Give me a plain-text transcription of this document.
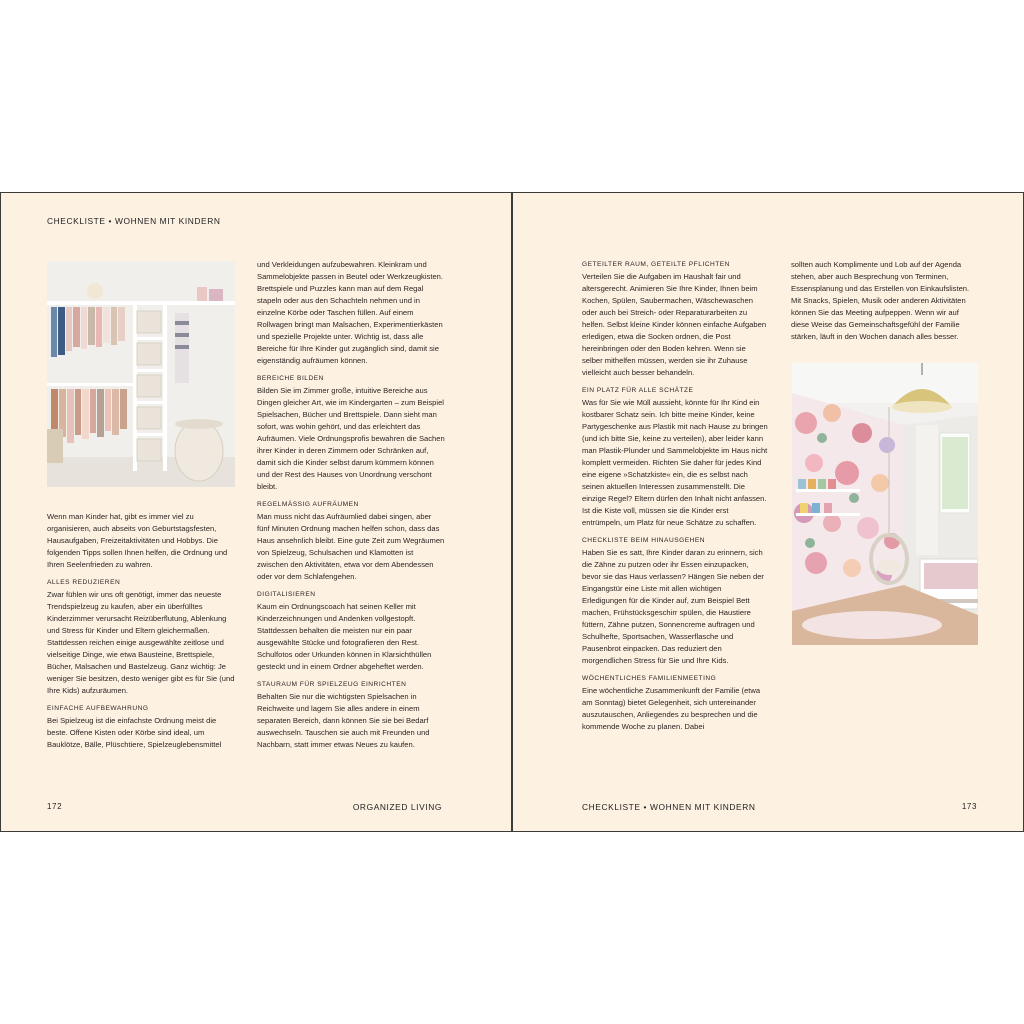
CHECKLISTE • WOHNEN MIT KINDERN

Wenn man Kinder hat, gibt es immer viel zu organisieren, auch abseits von Geburtstagsfesten, Hausaufgaben, Freizeitaktivitäten und Hobbys. Die folgenden Tipps sollen Ihnen helfen, die Ordnung und Ihren Seelenfrieden zu wahren.

ALLES REDUZIEREN

Zwar fühlen wir uns oft genötigt, immer das neueste Trendspielzeug zu kaufen, aber ein überfülltes Kinderzimmer verursacht Reizüberflutung, Ablenkung und Stress für Kinder und Eltern gleichermaßen. Stattdessen reichen einige ausgewählte zeitlose und vielseitige Dinge, wie etwa Bausteine, Brettspiele, Bücher, Malsachen und Bastelzeug. Ganz wichtig: Je weniger Sie besitzen, desto weniger gibt es für Sie (und Ihre Kids) aufzuräumen.

EINFACHE AUFBEWAHRUNG

Bei Spielzeug ist die einfachste Ordnung meist die beste. Offene Kisten oder Körbe sind ideal, um Bauklötze, Bälle, Plüschtiere, Spielzeuglebensmittel

und Verkleidungen aufzubewahren. Kleinkram und Sammelobjekte passen in Beutel oder Werkzeugkisten. Brettspiele und Puzzles kann man auf dem Regal stapeln oder aus den Schachteln nehmen und in einzelne Körbe oder Taschen füllen. Auf einem Rollwagen bringt man Malsachen, Experimentierkästen und spezielle Projekte unter. Wichtig ist, dass alle Bereiche für Ihre Kinder gut zugänglich sind, damit sie eigenständig aufräumen können.

BEREICHE BILDEN

Bilden Sie im Zimmer große, intuitive Bereiche aus Dingen gleicher Art, wie im Kindergarten – zum Beispiel Spielsachen, Bücher und Brettspiele. Dann sieht man sofort, was wohin gehört, und das erleichtert das Aufräumen. Viele Ordnungsprofis bewahren die Sachen ihrer Kinder in deren Zimmern oder Schränken auf, damit sich die Kinder selbst darum kümmern können und der Rest des Hauses von Unordnung verschont bleibt.

REGELMÄSSIG AUFRÄUMEN

Man muss nicht das Aufräumlied dabei singen, aber fünf Minuten Ordnung machen helfen schon, dass das Haus ansehnlich bleibt. Eine gute Zeit zum Wegräumen von Spielzeug, Schulsachen und Klamotten ist zwischen den Aktivitäten, etwa vor dem Abendessen oder vor dem Schlafengehen.

DIGITALISIEREN

Kaum ein Ordnungscoach hat seinen Keller mit Kinderzeichnungen und Andenken vollgestopft. Stattdessen behalten die meisten nur ein paar ausgewählte Stücke und fotografieren den Rest. Schulfotos oder Urkunden können in Klarsichthüllen gesteckt und in einem Ordner abgeheftet werden.

STAURAUM FÜR SPIELZEUG EINRICHTEN

Behalten Sie nur die wichtigsten Spielsachen in Reichweite und lagern Sie alles andere in einem separaten Bereich, dann können Sie sie bei Bedarf auswechseln. Tauschen sie auch mit Freunden und Nachbarn, statt immer etwas Neues zu kaufen.

172	ORGANIZED LIVING
GETEILTER RAUM, GETEILTE PFLICHTEN

Verteilen Sie die Aufgaben im Haushalt fair und altersgerecht. Animieren Sie Ihre Kinder, Ihnen beim Kochen, Spülen, Saubermachen, Wäschewaschen oder auch bei Streich- oder Reparaturarbeiten zu helfen. Selbst kleine Kinder können einfache Aufgaben erledigen, etwa die Socken ordnen, die Post hereinbringen oder den Boden kehren. Wenn sie selber mithelfen müssen, werden sie ihr Zuhause vielleicht auch besser behandeln.

EIN PLATZ FÜR ALLE SCHÄTZE

Was für Sie wie Müll aussieht, könnte für Ihr Kind ein kostbarer Schatz sein. Ich bitte meine Kinder, keine Partygeschenke aus Plastik mit nach Hause zu bringen (und ich bitte Sie, keine zu verteilen), aber leider kann man Plastik-Plunder und Sammelobjekte im Haus nicht komplett vermeiden. Richten Sie daher für jedes Kind eine eigene »Schatzkiste« ein, die es selbst nach seinen aktuellen Interessen zusammenstellt. Die einzige Regel? Eltern dürfen den Inhalt nicht anfassen. Ist die Kiste voll, müssen sie die Kinder erst entrümpeln, um Platz für neue Schätze zu schaffen.

CHECKLISTE BEIM HINAUSGEHEN

Haben Sie es satt, Ihre Kinder daran zu erinnern, sich die Zähne zu putzen oder ihr Essen einzupacken, bevor sie das Haus verlassen? Hängen Sie neben der Eingangstür eine Liste mit allen wichtigen Erledigungen für die Kinder auf, zum Beispiel Bett machen, Frühstücksgeschirr spülen, die Haustiere füttern, Zähne putzen, Sonnencreme auftragen und Schulhefte, Sportsachen, Wasserflasche und Pausenbrot einpacken. Das reduziert den morgendlichen Stress für Sie und Ihre Kids.

WÖCHENTLICHES FAMILIENMEETING

Eine wöchentliche Zusammenkunft der Familie (etwa am Sonntag) bietet Gelegenheit, sich untereinander auszutauschen, Anliegendes zu besprechen und die kommende Woche zu planen. Dabei

sollten auch Komplimente und Lob auf der Agenda stehen, aber auch Besprechung von Terminen, Essensplanung und das Erstellen von Einkaufslisten. Mit Snacks, Spielen, Musik oder anderen Aktivitäten können Sie das Meeting aufpeppen. Wenn wir auf diese Weise das Gemeinschaftsgefühl der Familie stärken, läuft in den Wochen danach alles besser.

CHECKLISTE • WOHNEN MIT KINDERN	173
